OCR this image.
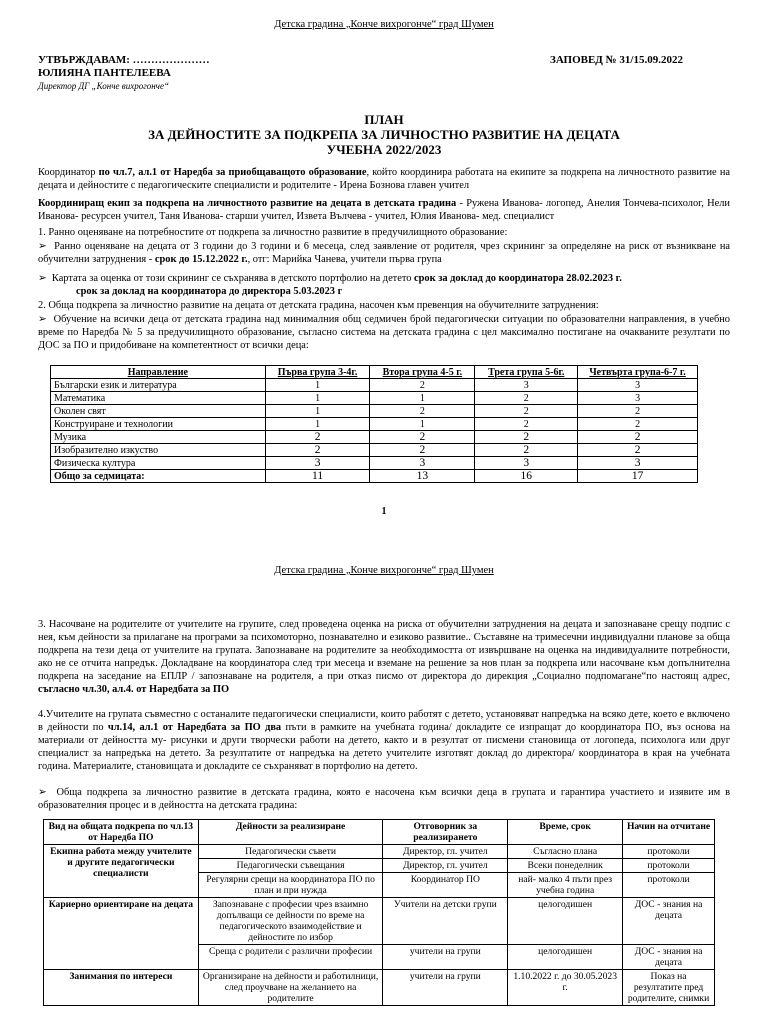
Детска градина „Конче вихрогонче“ град Шумен
УТВЪРЖДАВАМ: …………………
ЮЛИЯНА ПАНТЕЛЕЕВА
Директор ДГ „Конче вихрогонче“
ЗАПОВЕД № 31/15.09.2022
ПЛАН
ЗА ДЕЙНОСТИТЕ ЗА ПОДКРЕПА ЗА ЛИЧНОСТНО РАЗВИТИЕ НА ДЕЦАТА
УЧЕБНА 2022/2023
Координатор по чл.7, ал.1 от Наредба за приобщаващото образование, който координира работата на екипите за подкрепа на личностното развитие на децата и дейностите с педагогическите специалисти и родителите - Ирена Бознова главен учител
Координиращ екип за подкрепа на личностното развитие на децата в детската градина - Ружена Иванова- логопед, Анелия Тончева-психолог, Нели Иванова- ресурсен учител, Таня Иванова- старши учител, Извета Вълчева - учител, Юлия Иванова- мед. специалист
1. Ранно оценяване на потребностите от подкрепа за личностно развитие в предучилищното образование:
➢  Ранно оценяване на децата от 3 години до 3 години и 6 месеца, след заявление от родителя, чрез скрининг за определяне на риск от възникване на обучителни затруднения - срок до 15.12.2022 г., отг: Марийка Чанева, учители първа група
➢  Картата за оценка от този скрининг се съхранява в детското портфолио на детето срок за доклад до координатора 28.02.2023 г.
срок за доклад на координатора до директора 5.03.2023 г
2. Обща подкрепа за личностно развитие на децата от детската градина, насочен към превенция на обучителните затруднения:
➢  Обучение на всички деца от детската градина над минималния общ седмичен брой педагогически ситуации по образователни направления, в учебно време по Наредба № 5 за предучилищното образование, съгласно система на детската градина с цел максимално постигане на очакваните резултати по ДОС за ПО и придобиване на компетентност от всички деца:
Направление	Първа група 3-4г.	Втора група 4-5 г.	Трета група 5-6г.	Четвърта група-6-7 г.
Български език и литература	1	2	3	3
Математика	1	1	2	3
Околен свят	1	2	2	2
Конструиране и технологии	1	1	2	2
Музика	2	2	2	2
Изобразително изкуство	2	2	2	2
Физическа култура	3	3	3	3
Общо за седмицата:	11	13	16	17
1
Детска градина „Конче вихрогонче“ град Шумен
3. Насочване на родителите от учителите на групите, след проведена оценка на риска от обучителни затруднения на децата и запознаване срещу подпис с нея, към дейности за прилагане на програми за психомоторно, познавателно и езиково развитие.. Съставяне на тримесечни индивидуални планове за обща подкрепа на тези деца от учителите на групата. Запознаване на родителите за необходимостта от извършване на оценка на индивидуалните потребности, ако не се отчита напредък. Докладване на координатора след три месеца и вземане на решение за нов план за подкрепа или насочване към допълнителна подкрепа на заседание на ЕПЛР / запознаване на родителя, а при отказ писмо от директора до дирекция „Социално подпомагане“по настоящ адрес, съгласно чл.30, ал.4. от Наредбата за ПО
4.Учителите на групата съвместно с останалите педагогически специалисти, които работят с детето, установяват напредъка на всяко дете, което е включено в дейности по чл.14, ал.1 от Наредбата за ПО два пъти в рамките на учебната година/ докладите се изпращат до координатора ПО, въз основа на материали от дейността му- рисунки и други творчески работи на детето, както и в резултат от писмени становища от логопеда, психолога или друг специалист за напредъка на детето. За резултатите от напредъка на детето учителите изготвят доклад до директора/ координатора в края на учебната година. Материалите, становищата и докладите се съхраняват в портфолио на детето.
➢  Обща подкрепа за личностно развитие в детската градина, която е насочена към всички деца в групата и гарантира участието и изявите им в образователния процес и в дейността на детската градина:
Вид на общата подкрепа по чл.13 от Наредба ПО	Дейности за реализиране	Отговорник за реализирането	Време, срок	Начин на отчитане
Екипна работа между учителите и другите педагогически специалисти	Педагогически съвети	Директор, гл. учител	Съгласно плана	протоколи
	Педагогически съвещания	Директор, гл. учител	Всеки понеделник	протоколи
	Регулярни срещи на координатора ПО по план и при нужда	Координатор ПО	най- малко 4 пъти през учебна година	протоколи
Кариерно ориентиране на децата	Запознаване с професии чрез взаимно допълващи се дейности по време на педагогическото взаимодействие и дейностите по избор	Учители на детски групи	целогодишен	ДОС - знания на децата
	Среща с родители с различни професии	учители на групи	целогодишен	ДОС - знания на децата
Занимания по интереси	Организиране на дейности и работилници, след проучване на желанието на родителите	учители на групи	1.10.2022 г. до 30.05.2023 г.	Показ на резултатите пред родителите, снимки
